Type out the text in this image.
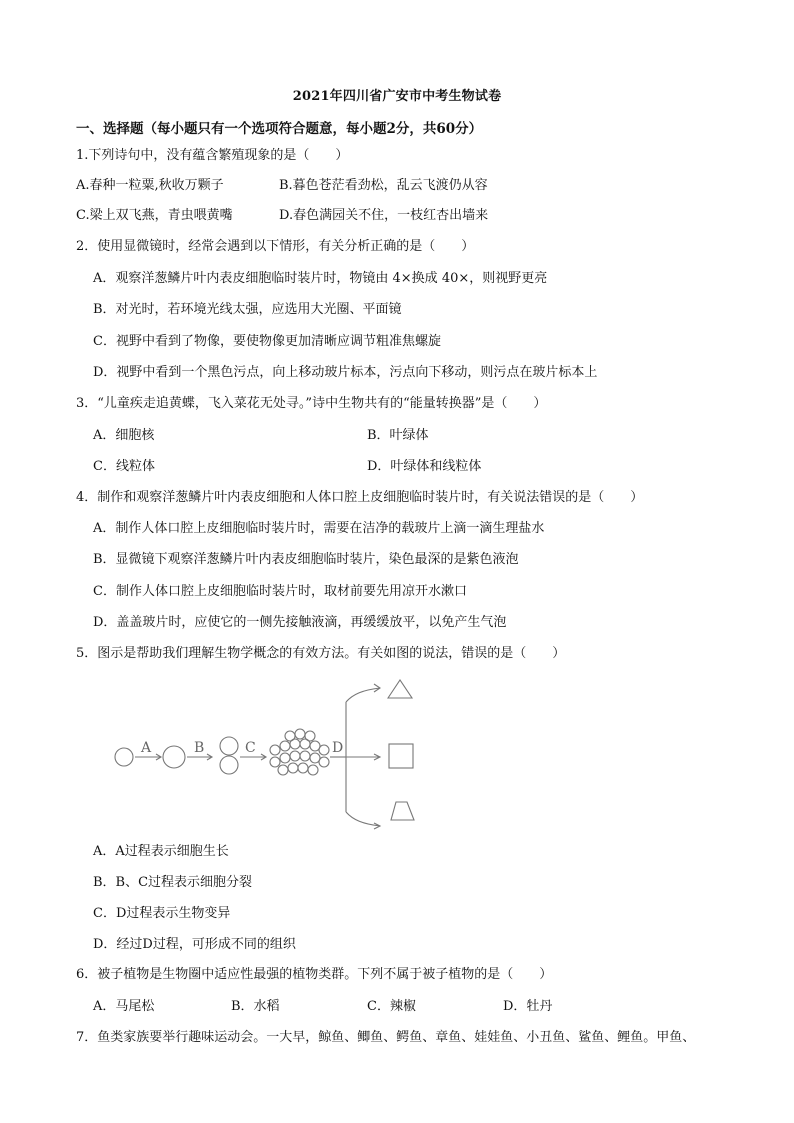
2021年四川省广安市中考生物试卷
一、选择题（每小题只有一个选项符合题意，每小题2分，共60分）
1.下列诗句中，没有蕴含繁殖现象的是（　　）
A.春种一粒粟,秋收万颗子	B.暮色苍茫看劲松，乱云飞渡仍从容
C.梁上双飞燕，青虫喂黄嘴	D.春色满园关不住，一枝红杏出墙来
2．使用显微镜时，经常会遇到以下情形，有关分析正确的是（　　）
A．观察洋葱鳞片叶内表皮细胞临时装片时，物镜由 4×换成 40×，则视野更亮
B．对光时，若环境光线太强，应选用大光圈、平面镜
C．视野中看到了物像，要使物像更加清晰应调节粗准焦螺旋
D．视野中看到一个黑色污点，向上移动玻片标本，污点向下移动，则污点在玻片标本上
3．“儿童疾走追黄蝶，飞入菜花无处寻。”诗中生物共有的“能量转换器”是（　　）
A．细胞核	B．叶绿体
C．线粒体	D．叶绿体和线粒体
4．制作和观察洋葱鳞片叶内表皮细胞和人体口腔上皮细胞临时装片时，有关说法错误的是（　　）
A．制作人体口腔上皮细胞临时装片时，需要在洁净的载玻片上滴一滴生理盐水
B．显微镜下观察洋葱鳞片叶内表皮细胞临时装片，染色最深的是紫色液泡
C．制作人体口腔上皮细胞临时装片时，取材前要先用凉开水漱口
D．盖盖玻片时，应使它的一侧先接触液滴，再缓缓放平，以免产生气泡
5．图示是帮助我们理解生物学概念的有效方法。有关如图的说法，错误的是（　　）
A	B	C	D
A．A过程表示细胞生长
B．B、C过程表示细胞分裂
C．D过程表示生物变异
D．经过D过程，可形成不同的组织
6．被子植物是生物圈中适应性最强的植物类群。下列不属于被子植物的是（　　）
A．马尾松	B．水稻	C．辣椒	D．牡丹
7．鱼类家族要举行趣味运动会。一大早，鲸鱼、鲫鱼、鳄鱼、章鱼、娃娃鱼、小丑鱼、鲨鱼、鲤鱼。甲鱼、
